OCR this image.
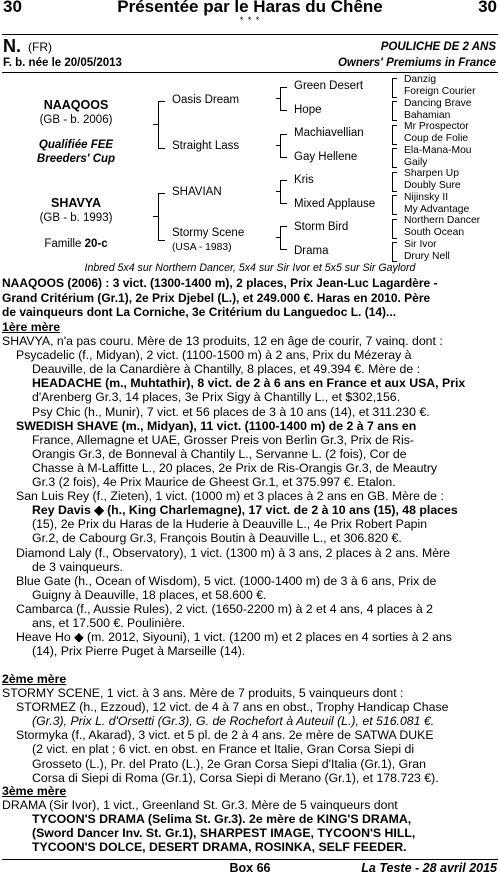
30	Présentée par le Haras du Chêne	30
* * *
N. (FR)	POULICHE DE 2 ANS
F. b. née le 20/05/2013	Owners' Premiums in France
NAAQOOS
(GB - b. 2006)
Qualifiée FEE
Breeders' Cup
SHAVYA
(GB - b. 1993)
Famille 20-c
Oasis Dream
Straight Lass
SHAVIAN
Stormy Scene
(USA - 1983)
Green Desert
Hope
Machiavellian
Gay Hellene
Kris
Mixed Applause
Storm Bird
Drama
Danzig
Foreign Courier
Dancing Brave
Bahamian
Mr Prospector
Coup de Folie
Ela-Mana-Mou
Gaily
Sharpen Up
Doubly Sure
Nijinsky II
My Advantage
Northern Dancer
South Ocean
Sir Ivor
Drury Nell
Inbred 5x4 sur Northern Dancer, 5x4 sur Sir Ivor et 5x5 sur Sir Gaylord

NAAQOOS (2006) : 3 vict. (1300-1400 m), 2 places, Prix Jean-Luc Lagardère -

Grand Critérium (Gr.1), 2e Prix Djebel (L.), et 249.000 €. Haras en 2010. Père

de vainqueurs dont La Corniche, 3e Critérium du Languedoc L. (14)...

1ère mère

SHAVYA, n'a pas couru. Mère de 13 produits, 12 en âge de courir, 7 vainq. dont :

Psycadelic (f., Midyan), 2 vict. (1100-1500 m) à 2 ans, Prix du Mézeray à

Deauville, de la Canardière à Chantilly, 8 places, et 49.394 €. Mère de :

HEADACHE (m., Muhtathir), 8 vict. de 2 à 6 ans en France et aux USA, Prix

d'Arenberg Gr.3, 14 places, 3e Prix Sigy à Chantilly L., et $302,156.

Psy Chic (h., Munir), 7 vict. et 56 places de 3 à 10 ans (14), et 311.230 €.

SWEDISH SHAVE (m., Midyan), 11 vict. (1100-1400 m) de 2 à 7 ans en

France, Allemagne et UAE, Grosser Preis von Berlin Gr.3, Prix de Ris-

Orangis Gr.3, de Bonneval à Chantily L., Servanne L. (2 fois), Cor de

Chasse à M-Laffitte L., 20 places, 2e Prix de Ris-Orangis Gr.3, de Meautry

Gr.3 (2 fois), 4e Prix Maurice de Gheest Gr.1, et 375.997 €. Etalon.

San Luis Rey (f., Zieten), 1 vict. (1000 m) et 3 places à 2 ans en GB. Mère de :

Rey Davis ◆ (h., King Charlemagne), 17 vict. de 2 à 10 ans (15), 48 places

(15), 2e Prix du Haras de la Huderie à Deauville L., 4e Prix Robert Papin

Gr.2, de Cabourg Gr.3, François Boutin à Deauville L., et 306.820 €.

Diamond Laly (f., Observatory), 1 vict. (1300 m) à 3 ans, 2 places à 2 ans. Mère

de 3 vainqueurs.

Blue Gate (h., Ocean of Wisdom), 5 vict. (1000-1400 m) de 3 à 6 ans, Prix de

Guigny à Deauville, 18 places, et 58.600 €.

Cambarca (f., Aussie Rules), 2 vict. (1650-2200 m) à 2 et 4 ans, 4 places à 2

ans, et 17.500 €. Poulinière.

Heave Ho ◆ (m. 2012, Siyouni), 1 vict. (1200 m) et 2 places en 4 sorties à 2 ans

(14), Prix Pierre Puget à Marseille (14).

2ème mère

STORMY SCENE, 1 vict. à 3 ans. Mère de 7 produits, 5 vainqueurs dont :

STORMEZ (h., Ezzoud), 12 vict. de 4 à 7 ans en obst., Trophy Handicap Chase

(Gr.3), Prix L. d'Orsetti (Gr.3), G. de Rochefort à Auteuil (L.), et 516.081 €.

Stormyka (f., Akarad), 3 vict. et 5 pl. de 2 à 4 ans. 2e mère de SATWA DUKE

(2 vict. en plat ; 6 vict. en obst. en France et Italie, Gran Corsa Siepi di

Grosseto (L.), Pr. del Prato (L.), 2e Gran Corsa Siepi d'Italia (Gr.1), Gran

Corsa di Siepi di Roma (Gr.1), Corsa Siepi di Merano (Gr.1), et 178.723 €).

3ème mère

DRAMA (Sir Ivor), 1 vict., Greenland St. Gr.3. Mère de 5 vainqueurs dont

TYCOON'S DRAMA (Selima St. Gr.3). 2e mère de KING'S DRAMA,

(Sword Dancer Inv. St. Gr.1), SHARPEST IMAGE, TYCOON'S HILL,

TYCOON'S DOLCE, DESERT DRAMA, ROSINKA, SELF FEEDER.

Box 66	La Teste - 28 avril 2015
